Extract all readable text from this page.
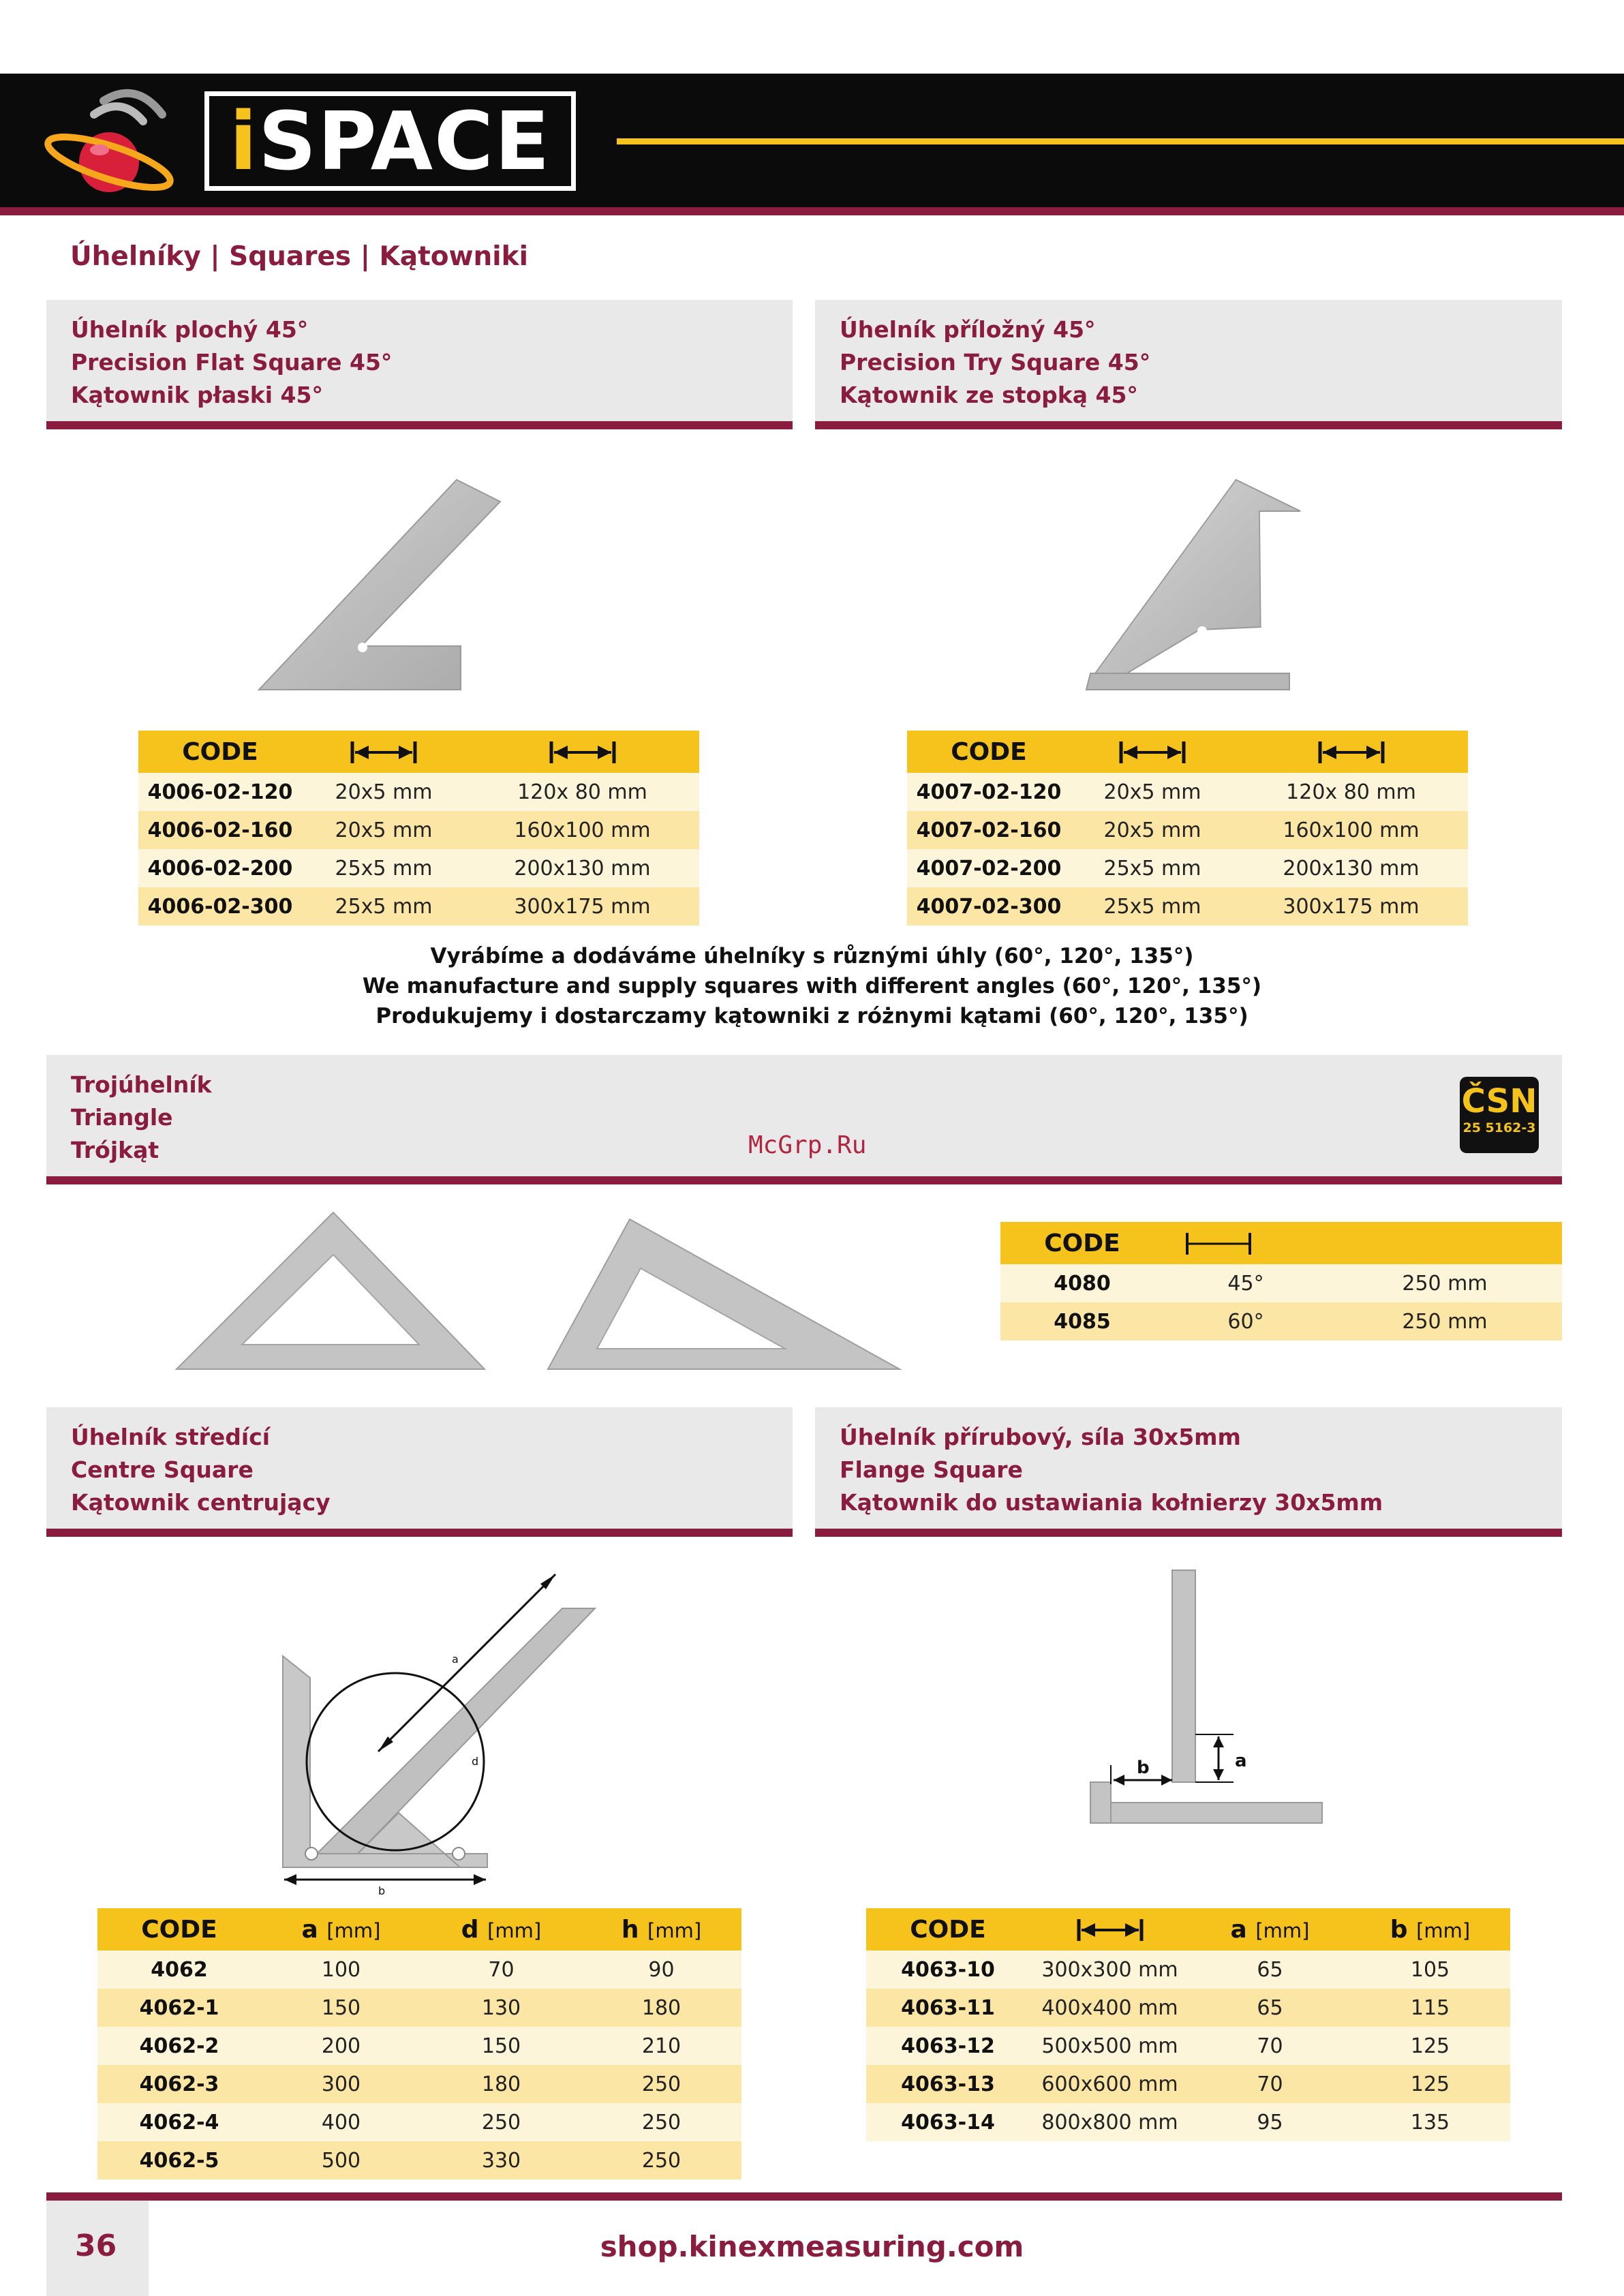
iSPACE
Úhelníky | Squares | Kątowniki
Úhelník plochý 45°
Precision Flat Square 45°
Kątownik płaski 45°
Úhelník příložný 45°
Precision Try Square 45°
Kątownik ze stopką 45°
CODE		
4006-02-120	20x5 mm	120x 80 mm
4006-02-160	20x5 mm	160x100 mm
4006-02-200	25x5 mm	200x130 mm
4006-02-300	25x5 mm	300x175 mm
CODE		
4007-02-120	20x5 mm	120x 80 mm
4007-02-160	20x5 mm	160x100 mm
4007-02-200	25x5 mm	200x130 mm
4007-02-300	25x5 mm	300x175 mm
Vyrábíme a dodáváme úhelníky s různými úhly (60°, 120°, 135°)
We manufacture and supply squares with different angles (60°, 120°, 135°)
Produkujemy i dostarczamy kątowniki z różnymi kątami (60°, 120°, 135°)
Trojúhelník
Triangle
Trójkąt	McGrp.Ru
ČSN
25 5162-3
CODE		
4080	45°	250 mm
4085	60°	250 mm
Úhelník středící
Centre Square
Kątownik centrujący
Úhelník přírubový, síla 30x5mm
Flange Square
Kątownik do ustawiania kołnierzy 30x5mm
a
d
b
a
b
CODE	a [mm]	d [mm]	h [mm]
4062	100	70	90
4062-1	150	130	180
4062-2	200	150	210
4062-3	300	180	250
4062-4	400	250	250
4062-5	500	330	250
CODE		a [mm]	b [mm]
4063-10	300x300 mm	65	105
4063-11	400x400 mm	65	115
4063-12	500x500 mm	70	125
4063-13	600x600 mm	70	125
4063-14	800x800 mm	95	135
36	shop.kinexmeasuring.com
